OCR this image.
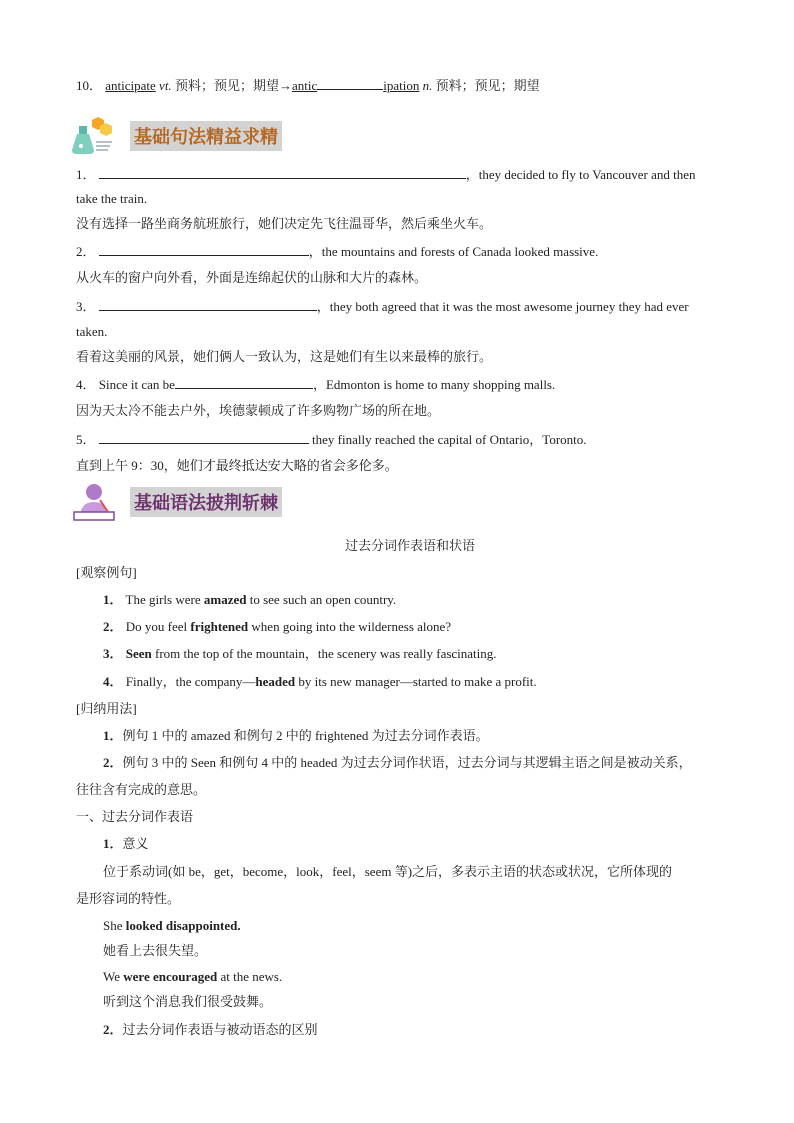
10． anticipate vt. 预料；预见；期望→antic	ipation n. 预料；预见；期望
基础句法精益求精
1．	，they decided to fly to Vancouver and then
take the train.
没有选择一路坐商务航班旅行，她们决定先飞往温哥华，然后乘坐火车。
2．	，the mountains and forests of Canada looked massive.
从火车的窗户向外看，外面是连绵起伏的山脉和大片的森林。
3．	，they both agreed that it was the most awesome journey they had ever
taken.
看着这美丽的风景，她们俩人一致认为，这是她们有生以来最棒的旅行。
4． Since it can be	，Edmonton is home to many shopping malls.
因为天太冷不能去户外，埃德蒙顿成了许多购物广场的所在地。
5．	they finally reached the capital of Ontario，Toronto.
直到上午 9：30，她们才最终抵达安大略的省会多伦多。
基础语法披荆斩棘
过去分词作表语和状语
[观察例句]
1． The girls were amazed to see such an open country.
2． Do you feel frightened when going into the wilderness alone?
3． Seen from the top of the mountain，the scenery was really fascinating.
4． Finally，the company—headed by its new manager—started to make a profit.
[归纳用法]
1．例句 1 中的 amazed 和例句 2 中的 frightened 为过去分词作表语。
2．例句 3 中的 Seen 和例句 4 中的 headed 为过去分词作状语，过去分词与其逻辑主语之间是被动关系，
往往含有完成的意思。
一、过去分词作表语
1．意义
位于系动词(如 be，get，become，look，feel，seem 等)之后，多表示主语的状态或状况，它所体现的
是形容词的特性。
She looked disappointed.
她看上去很失望。
We were encouraged at the news.
听到这个消息我们很受鼓舞。
2．过去分词作表语与被动语态的区别
